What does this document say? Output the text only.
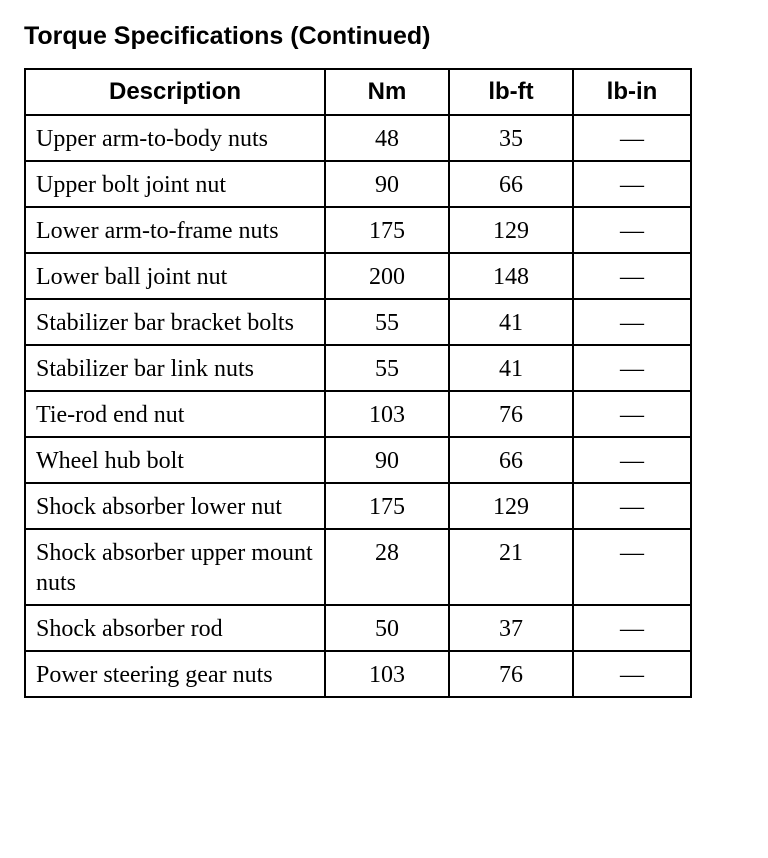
Torque Specifications (Continued)
Description	Nm	lb-ft	lb-in
Upper arm-to-body nuts	48	35	—
Upper bolt joint nut	90	66	—
Lower arm-to-frame nuts	175	129	—
Lower ball joint nut	200	148	—
Stabilizer bar bracket bolts	55	41	—
Stabilizer bar link nuts	55	41	—
Tie-rod end nut	103	76	—
Wheel hub bolt	90	66	—
Shock absorber lower nut	175	129	—
Shock absorber upper mount nuts	28	21	—
Shock absorber rod	50	37	—
Power steering gear nuts	103	76	—
